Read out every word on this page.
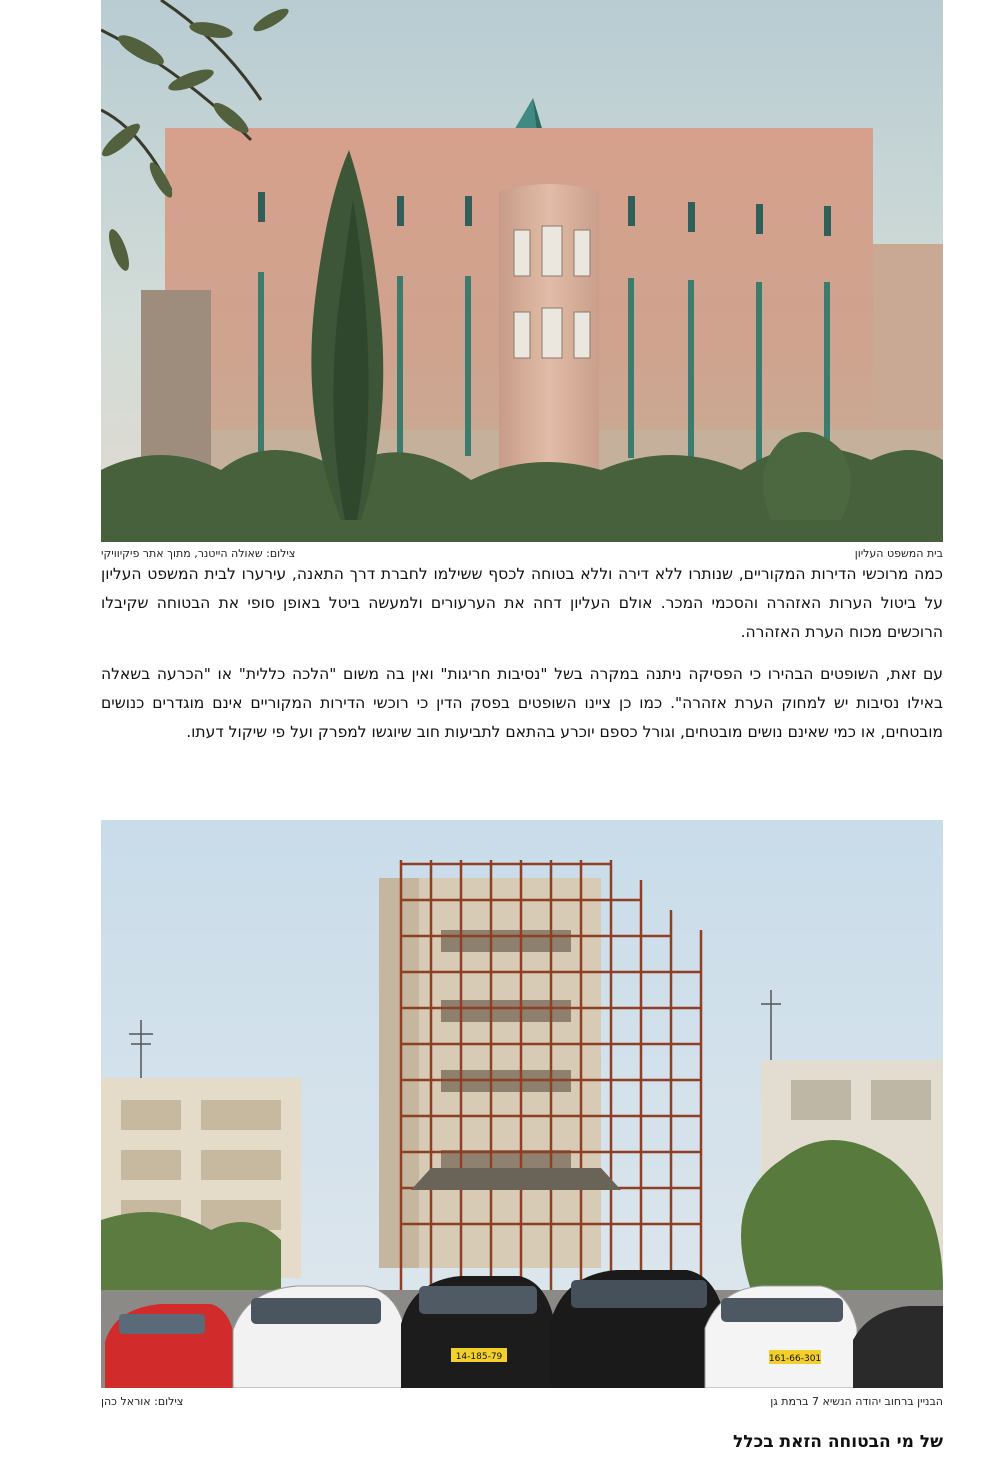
בית המשפט העליון
צילום: שאולה הייטנר, מתוך אתר פיקיוויקי

כמה מרוכשי הדירות המקוריים, שנותרו ללא דירה וללא בטוחה לכסף ששילמו לחברת דרך התאנה, עירערו לבית המשפט העליון על ביטול הערות האזהרה והסכמי המכר. אולם העליון דחה את הערעורים ולמעשה ביטל באופן סופי את הבטוחה שקיבלו הרוכשים מכוח הערת האזהרה.

עם זאת, השופטים הבהירו כי הפסיקה ניתנה במקרה בשל "נסיבות חריגות" ואין בה משום "הלכה כללית" או "הכרעה בשאלה באילו נסיבות יש למחוק הערת אזהרה". כמו כן ציינו השופטים בפסק הדין כי רוכשי הדירות המקוריים אינם מוגדרים כנושים מובטחים, או כמי שאינם נושים מובטחים, וגורל כספם יוכרע בהתאם לתביעות חוב שיוגשו למפרק ועל פי שיקול דעתו.

14-185-79	161-66-301
הבניין ברחוב יהודה הנשיא 7 ברמת גן
צילום: אוראל כהן
של מי הבטוחה הזאת בכלל
